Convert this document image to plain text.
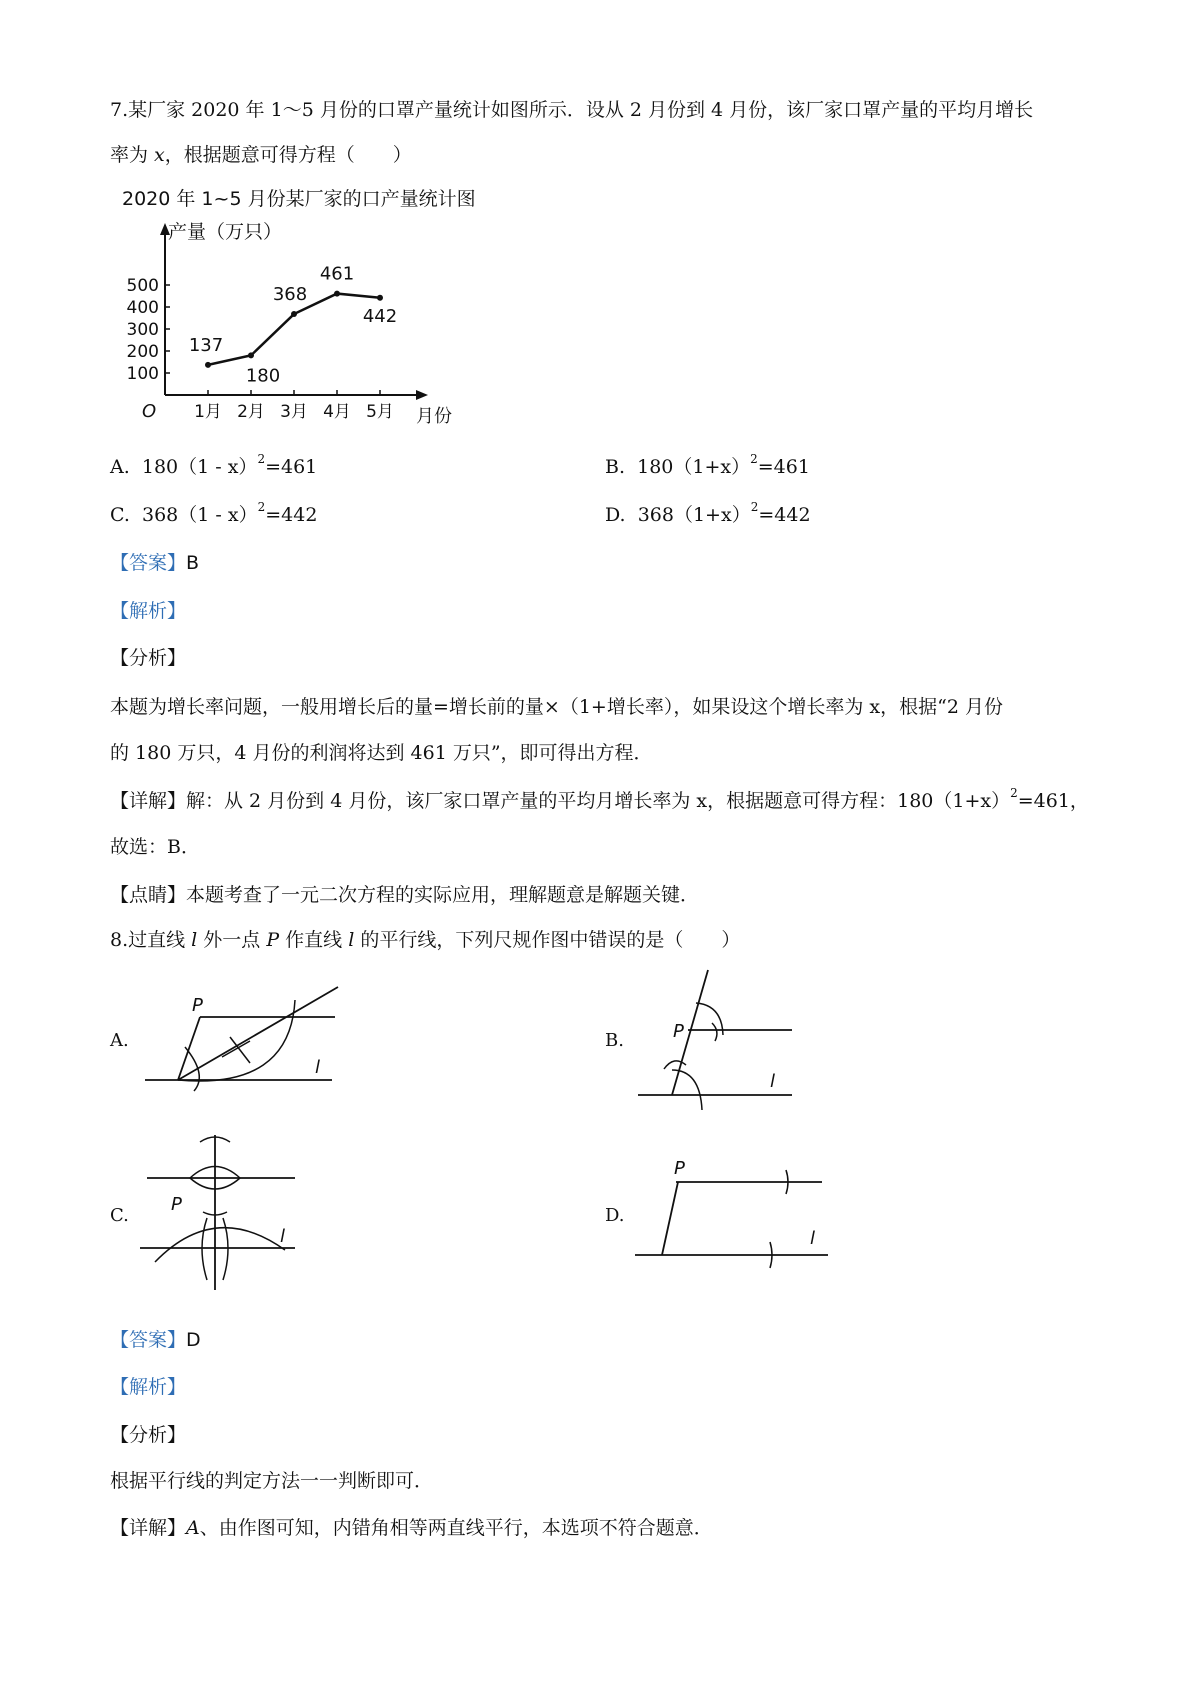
7.某厂家 2020 年 1～5 月份的口罩产量统计如图所示．设从 2 月份到 4 月份，该厂家口罩产量的平均月增长
率为 x，根据题意可得方程（　　）
2020 年 1~5 月份某厂家的口产量统计图
产量（万只）
O	月份
100
200
300
400
500
1月 2月 3月 4月 5月
137
180
368
461
442
A. 180（1 - x）$^2$=461	B. $180(1+x)^2=461$
C. 368（1 - x）$^2$=442	D. $368(1+x)^2=442$
【答案】B
【解析】
【分析】
本题为增长率问题，一般用增长后的量=增长前的量×（1+增长率），如果设这个增长率为 x，根据“2 月份
的 180 万只，4 月份的利润将达到 461 万只”，即可得出方程．
【详解】解：从 2 月份到 4 月份，该厂家口罩产量的平均月增长率为 x，根据题意可得方程：$180(1+x)^2=461$，
故选：B．
【点睛】本题考查了一元二次方程的实际应用，理解题意是解题关键．
8.过直线 l 外一点 P 作直线 l 的平行线，下列尺规作图中错误的是（　　）
A.
P
l
B.	P
l
C.
P
l
D.
P
l
【答案】D
【解析】
【分析】
根据平行线的判定方法一一判断即可．
【详解】A、由作图可知，内错角相等两直线平行，本选项不符合题意．
